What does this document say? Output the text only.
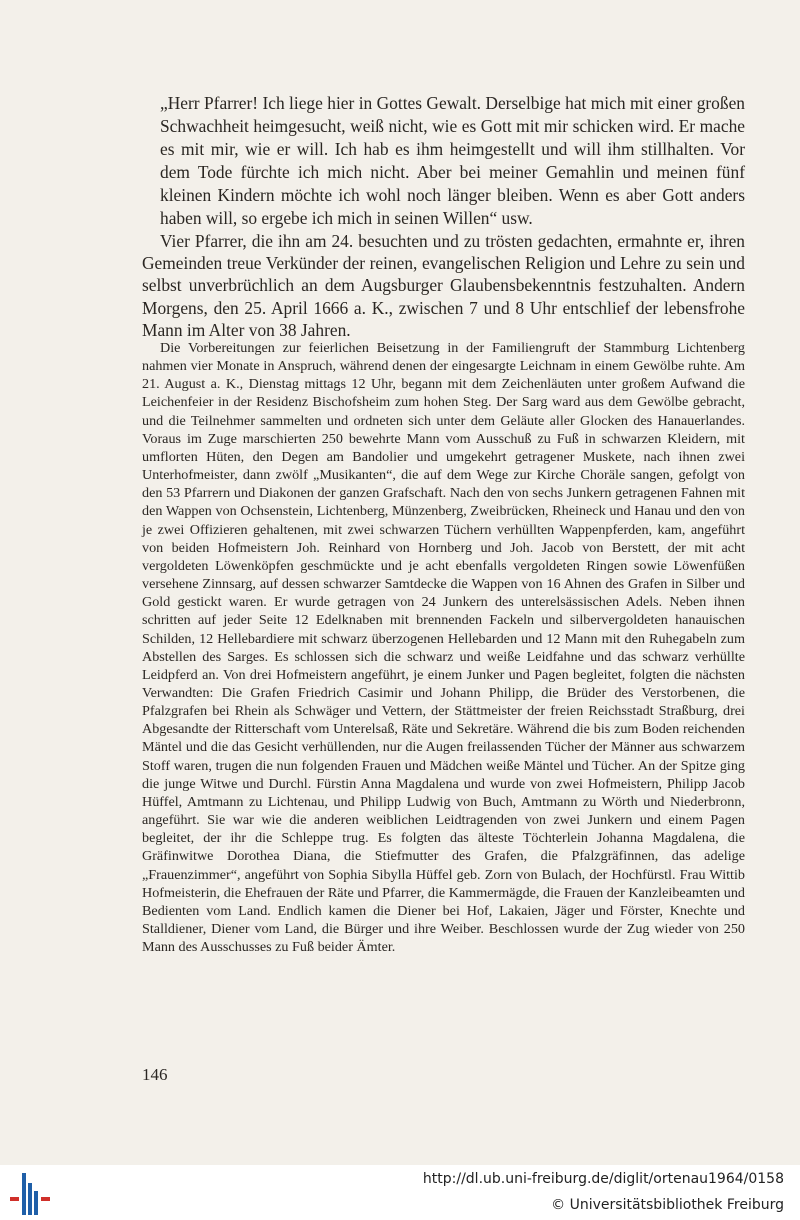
„Herr Pfarrer! Ich liege hier in Gottes Gewalt. Derselbige hat mich mit einer großen Schwachheit heimgesucht, weiß nicht, wie es Gott mit mir schicken wird. Er mache es mit mir, wie er will. Ich hab es ihm heimgestellt und will ihm stillhalten. Vor dem Tode fürchte ich mich nicht. Aber bei meiner Gemahlin und meinen fünf kleinen Kindern möchte ich wohl noch länger bleiben. Wenn es aber Gott anders haben will, so ergebe ich mich in seinen Willen“ usw.

Vier Pfarrer, die ihn am 24. besuchten und zu trösten gedachten, ermahnte er, ihren Gemeinden treue Verkünder der reinen, evangelischen Religion und Lehre zu sein und selbst unverbrüchlich an dem Augsburger Glaubensbekenntnis festzuhalten. Andern Morgens, den 25. April 1666 a. K., zwischen 7 und 8 Uhr entschlief der lebensfrohe Mann im Alter von 38 Jahren.

Die Vorbereitungen zur feierlichen Beisetzung in der Familiengruft der Stammburg Lichtenberg nahmen vier Monate in Anspruch, während denen der eingesargte Leichnam in einem Gewölbe ruhte. Am 21. August a. K., Dienstag mittags 12 Uhr, begann mit dem Zeichenläuten unter großem Aufwand die Leichenfeier in der Residenz Bischofsheim zum hohen Steg. Der Sarg ward aus dem Gewölbe gebracht, und die Teilnehmer sammelten und ordneten sich unter dem Geläute aller Glocken des Hanauerlandes. Voraus im Zuge marschierten 250 bewehrte Mann vom Ausschuß zu Fuß in schwarzen Kleidern, mit umflorten Hüten, den Degen am Bandolier und umgekehrt getragener Muskete, nach ihnen zwei Unterhofmeister, dann zwölf „Musikanten“, die auf dem Wege zur Kirche Choräle sangen, gefolgt von den 53 Pfarrern und Diakonen der ganzen Grafschaft. Nach den von sechs Junkern getragenen Fahnen mit den Wappen von Ochsenstein, Lichtenberg, Münzenberg, Zweibrücken, Rheineck und Hanau und den von je zwei Offizieren gehaltenen, mit zwei schwarzen Tüchern verhüllten Wappenpferden, kam, angeführt von beiden Hofmeistern Joh. Reinhard von Hornberg und Joh. Jacob von Berstett, der mit acht vergoldeten Löwenköpfen geschmückte und je acht ebenfalls vergoldeten Ringen sowie Löwenfüßen versehene Zinnsarg, auf dessen schwarzer Samtdecke die Wappen von 16 Ahnen des Grafen in Silber und Gold gestickt waren. Er wurde getragen von 24 Junkern des unterelsässischen Adels. Neben ihnen schritten auf jeder Seite 12 Edelknaben mit brennenden Fackeln und silbervergoldeten hanauischen Schilden, 12 Hellebardiere mit schwarz überzogenen Hellebarden und 12 Mann mit den Ruhegabeln zum Abstellen des Sarges. Es schlossen sich die schwarz und weiße Leidfahne und das schwarz verhüllte Leidpferd an. Von drei Hofmeistern angeführt, je einem Junker und Pagen begleitet, folgten die nächsten Verwandten: Die Grafen Friedrich Casimir und Johann Philipp, die Brüder des Verstorbenen, die Pfalzgrafen bei Rhein als Schwäger und Vettern, der Stättmeister der freien Reichsstadt Straßburg, drei Abgesandte der Ritterschaft vom Unterelsaß, Räte und Sekretäre. Während die bis zum Boden reichenden Mäntel und die das Gesicht verhüllenden, nur die Augen freilassenden Tücher der Männer aus schwarzem Stoff waren, trugen die nun folgenden Frauen und Mädchen weiße Mäntel und Tücher. An der Spitze ging die junge Witwe und Durchl. Fürstin Anna Magdalena und wurde von zwei Hofmeistern, Philipp Jacob Hüffel, Amtmann zu Lichtenau, und Philipp Ludwig von Buch, Amtmann zu Wörth und Niederbronn, angeführt. Sie war wie die anderen weiblichen Leidtragenden von zwei Junkern und einem Pagen begleitet, der ihr die Schleppe trug. Es folgten das älteste Töchterlein Johanna Magdalena, die Gräfinwitwe Dorothea Diana, die Stiefmutter des Grafen, die Pfalzgräfinnen, das adelige „Frauenzimmer“, angeführt von Sophia Sibylla Hüffel geb. Zorn von Bulach, der Hochfürstl. Frau Wittib Hofmeisterin, die Ehefrauen der Räte und Pfarrer, die Kammermägde, die Frauen der Kanzleibeamten und Bedienten vom Land. Endlich kamen die Diener bei Hof, Lakaien, Jäger und Förster, Knechte und Stalldiener, Diener vom Land, die Bürger und ihre Weiber. Beschlossen wurde der Zug wieder von 250 Mann des Ausschusses zu Fuß beider Ämter.

146
http://dl.ub.uni-freiburg.de/diglit/ortenau1964/0158
© Universitätsbibliothek Freiburg
